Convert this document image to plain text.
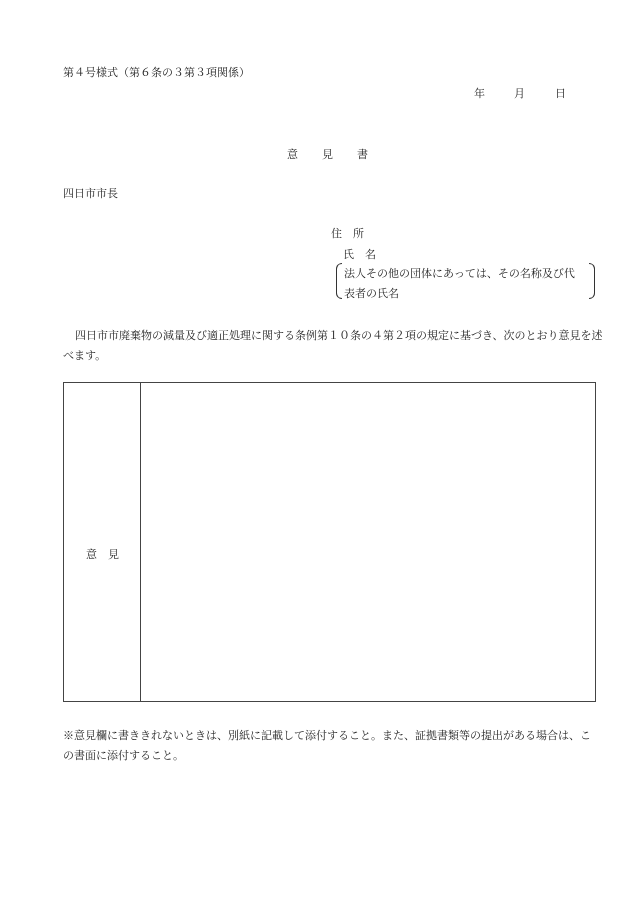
第４号様式（第６条の３第３項関係）
年	月	日
意 見 書
四日市市長
住　所
氏　名
法人その他の団体にあっては、その名称及び代
表者の氏名
四日市市廃棄物の減量及び適正処理に関する条例第１０条の４第２項の規定に基づき、次のとおり意見を述べます。
意　見
※意見欄に書ききれないときは、別紙に記載して添付すること。また、証拠書類等の提出がある場合は、この書面に添付すること。
